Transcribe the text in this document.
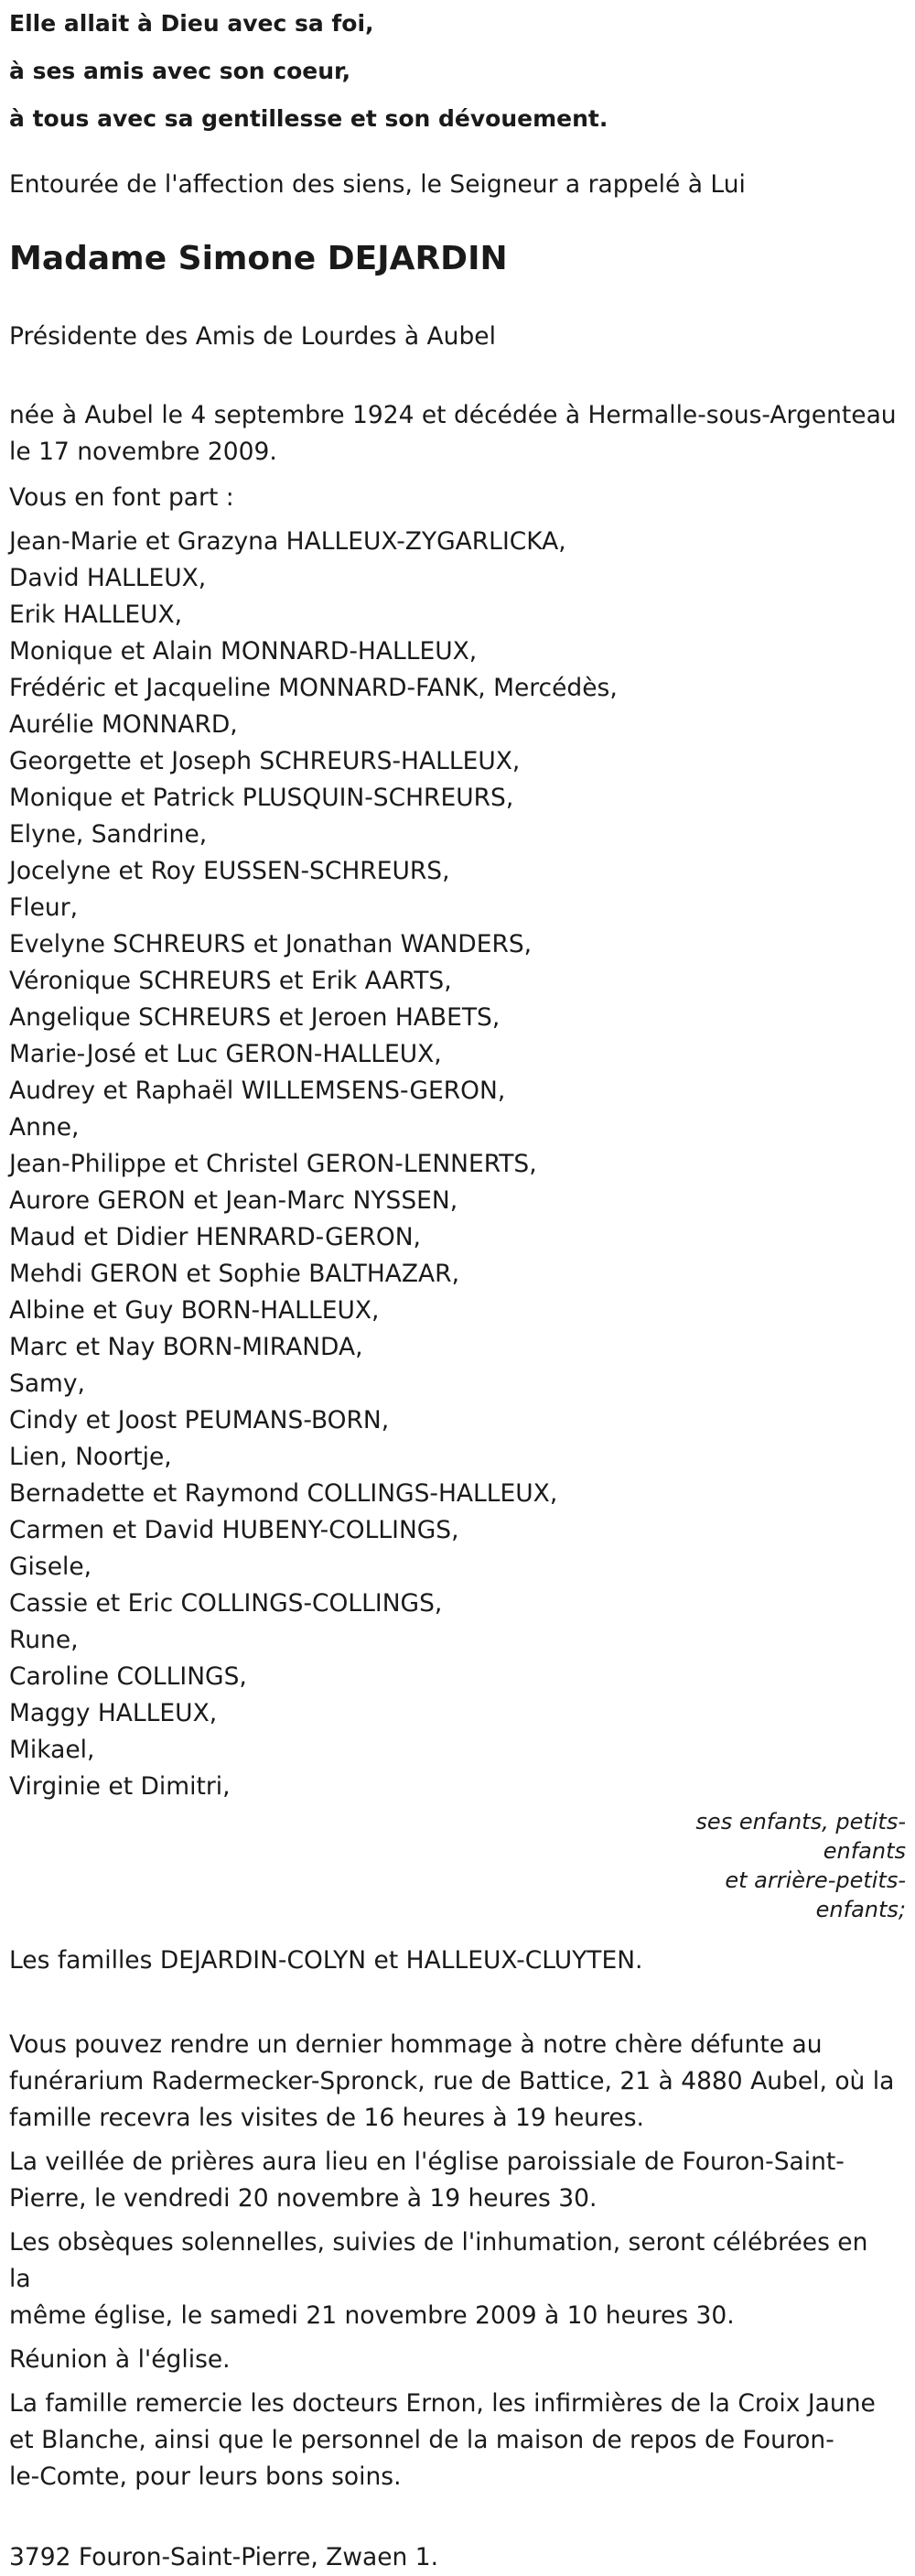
Elle allait à Dieu avec sa foi,
à ses amis avec son coeur,
à tous avec sa gentillesse et son dévouement.
Entourée de l'affection des siens, le Seigneur a rappelé à Lui
Madame Simone DEJARDIN
Présidente des Amis de Lourdes à Aubel
née à Aubel le 4 septembre 1924 et décédée à Hermalle-sous-Argenteau
le 17 novembre 2009.
Vous en font part :
Jean-Marie et Grazyna HALLEUX-ZYGARLICKA,
David HALLEUX,
Erik HALLEUX,
Monique et Alain MONNARD-HALLEUX,
Frédéric et Jacqueline MONNARD-FANK, Mercédès,
Aurélie MONNARD,
Georgette et Joseph SCHREURS-HALLEUX,
Monique et Patrick PLUSQUIN-SCHREURS,
Elyne, Sandrine,
Jocelyne et Roy EUSSEN-SCHREURS,
Fleur,
Evelyne SCHREURS et Jonathan WANDERS,
Véronique SCHREURS et Erik AARTS,
Angelique SCHREURS et Jeroen HABETS,
Marie-José et Luc GERON-HALLEUX,
Audrey et Raphaël WILLEMSENS-GERON,
Anne,
Jean-Philippe et Christel GERON-LENNERTS,
Aurore GERON et Jean-Marc NYSSEN,
Maud et Didier HENRARD-GERON,
Mehdi GERON et Sophie BALTHAZAR,
Albine et Guy BORN-HALLEUX,
Marc et Nay BORN-MIRANDA,
Samy,
Cindy et Joost PEUMANS-BORN,
Lien, Noortje,
Bernadette et Raymond COLLINGS-HALLEUX,
Carmen et David HUBENY-COLLINGS,
Gisele,
Cassie et Eric COLLINGS-COLLINGS,
Rune,
Caroline COLLINGS,
Maggy HALLEUX,
Mikael,
Virginie et Dimitri,
ses enfants, petits-
enfants
et arrière-petits-
enfants;
Les familles DEJARDIN-COLYN et HALLEUX-CLUYTEN.
Vous pouvez rendre un dernier hommage à notre chère défunte au
funérarium Radermecker-Spronck, rue de Battice, 21 à 4880 Aubel, où la
famille recevra les visites de 16 heures à 19 heures.
La veillée de prières aura lieu en l'église paroissiale de Fouron-Saint-
Pierre, le vendredi 20 novembre à 19 heures 30.
Les obsèques solennelles, suivies de l'inhumation, seront célébrées en la
même église, le samedi 21 novembre 2009 à 10 heures 30.
Réunion à l'église.
La famille remercie les docteurs Ernon, les infirmières de la Croix Jaune
et Blanche, ainsi que le personnel de la maison de repos de Fouron-
le-Comte, pour leurs bons soins.
3792 Fouron-Saint-Pierre, Zwaen 1.
